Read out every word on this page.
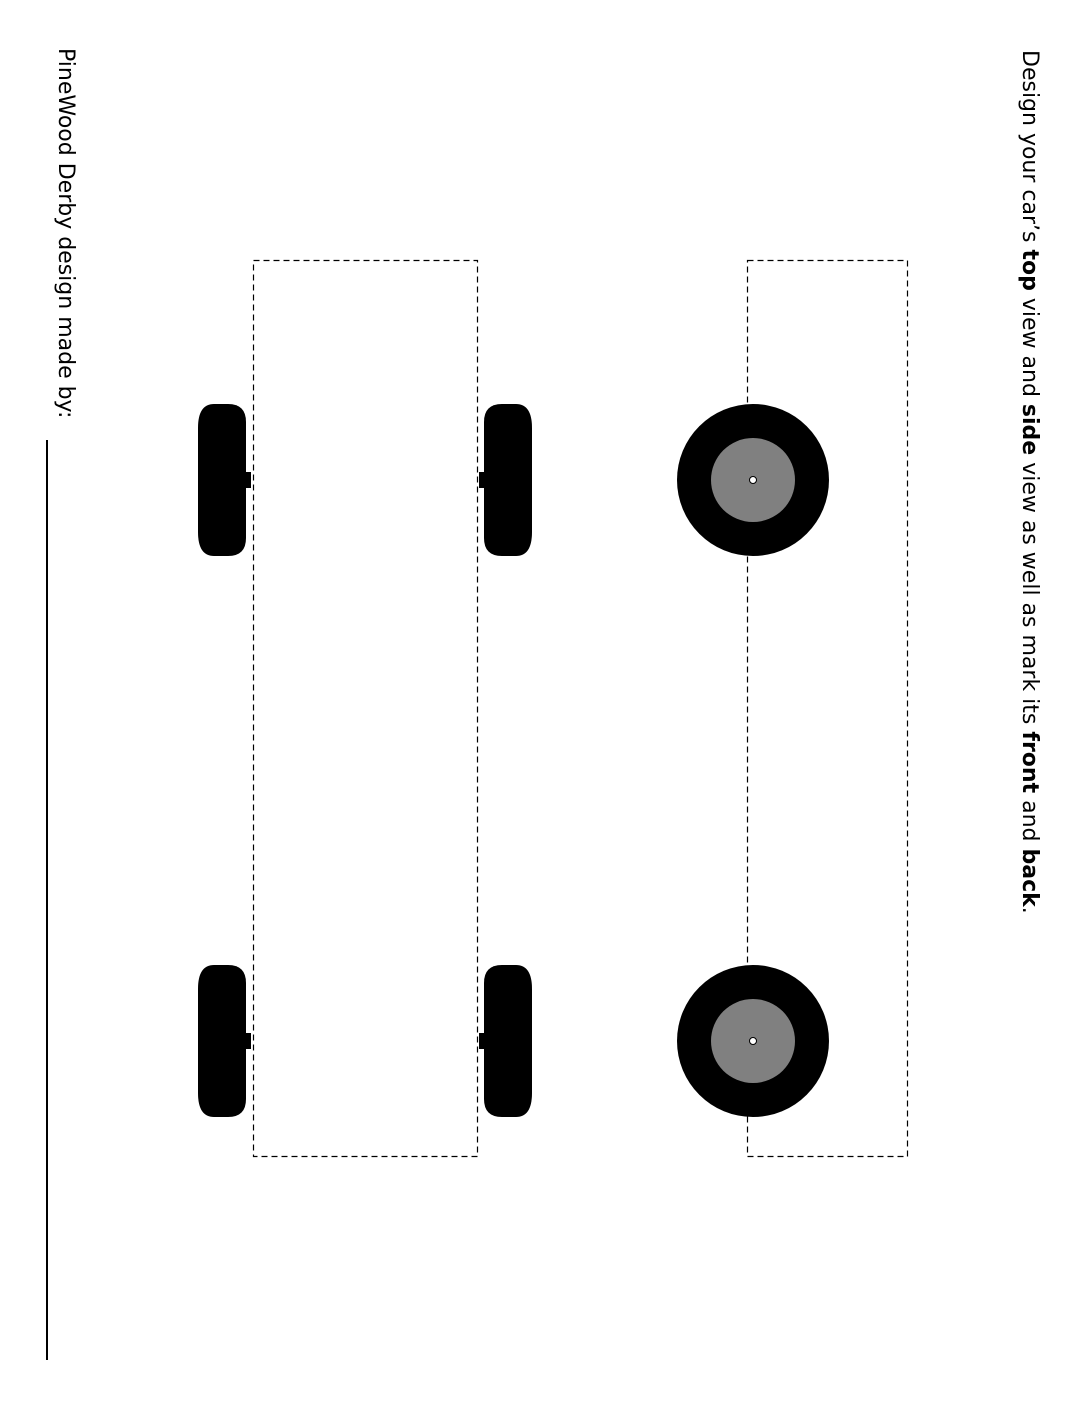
Design your car’s top view and side view as well as mark its front and back.
PineWood Derby design made by:
